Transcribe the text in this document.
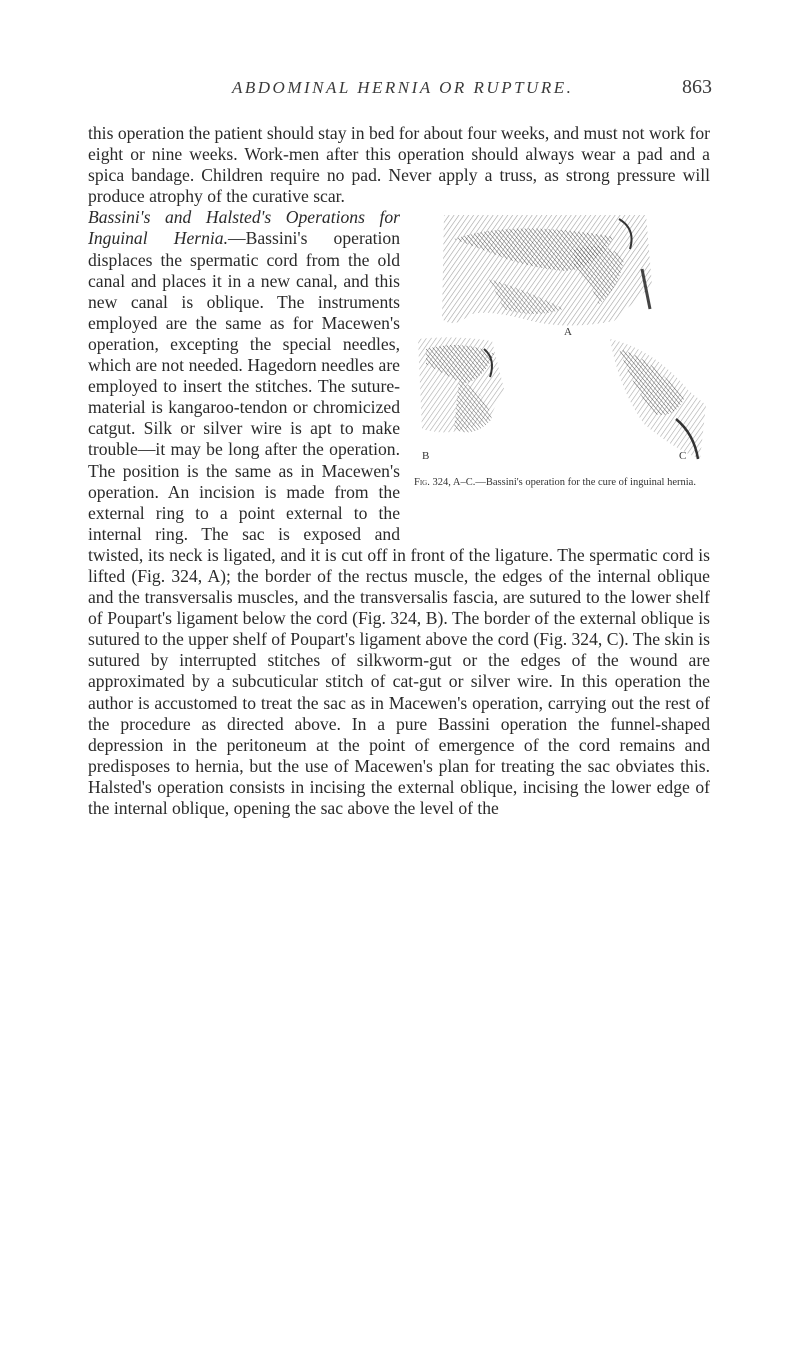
ABDOMINAL HERNIA OR RUPTURE.	863

this operation the patient should stay in bed for about four weeks, and must not work for eight or nine weeks. Work-men after this operation should always wear a pad and a spica bandage. Children require no pad. Never apply a truss, as strong pressure will produce atrophy of the curative scar.

A
B	C
Fig. 324, A–C.—Bassini's operation for the cure of inguinal hernia.

Bassini's and Halsted's Operations for Inguinal Hernia.—Bassini's operation displaces the spermatic cord from the old canal and places it in a new canal, and this new canal is oblique. The instruments employed are the same as for Macewen's operation, excepting the special needles, which are not needed. Hagedorn needles are employed to insert the stitches. The suture-material is kangaroo-tendon or chromicized catgut. Silk or silver wire is apt to make trouble—it may be long after the operation. The position is the same as in Macewen's operation. An incision is made from the external ring to a point external to the internal ring. The sac is exposed and twisted, its neck is ligated, and it is cut off in front of the ligature. The spermatic cord is lifted (Fig. 324, A); the border of the rectus muscle, the edges of the internal oblique and the transversalis muscles, and the transversalis fascia, are sutured to the lower shelf of Poupart's ligament below the cord (Fig. 324, B). The border of the external oblique is sutured to the upper shelf of Poupart's ligament above the cord (Fig. 324, C). The skin is sutured by interrupted stitches of silkworm-gut or the edges of the wound are approximated by a subcuticular stitch of cat-gut or silver wire. In this operation the author is accustomed to treat the sac as in Macewen's operation, carrying out the rest of the procedure as directed above. In a pure Bassini operation the funnel-shaped depression in the peritoneum at the point of emergence of the cord remains and predisposes to hernia, but the use of Macewen's plan for treating the sac obviates this. Halsted's operation consists in incising the external oblique, incising the lower edge of the internal oblique, opening the sac above the level of the
